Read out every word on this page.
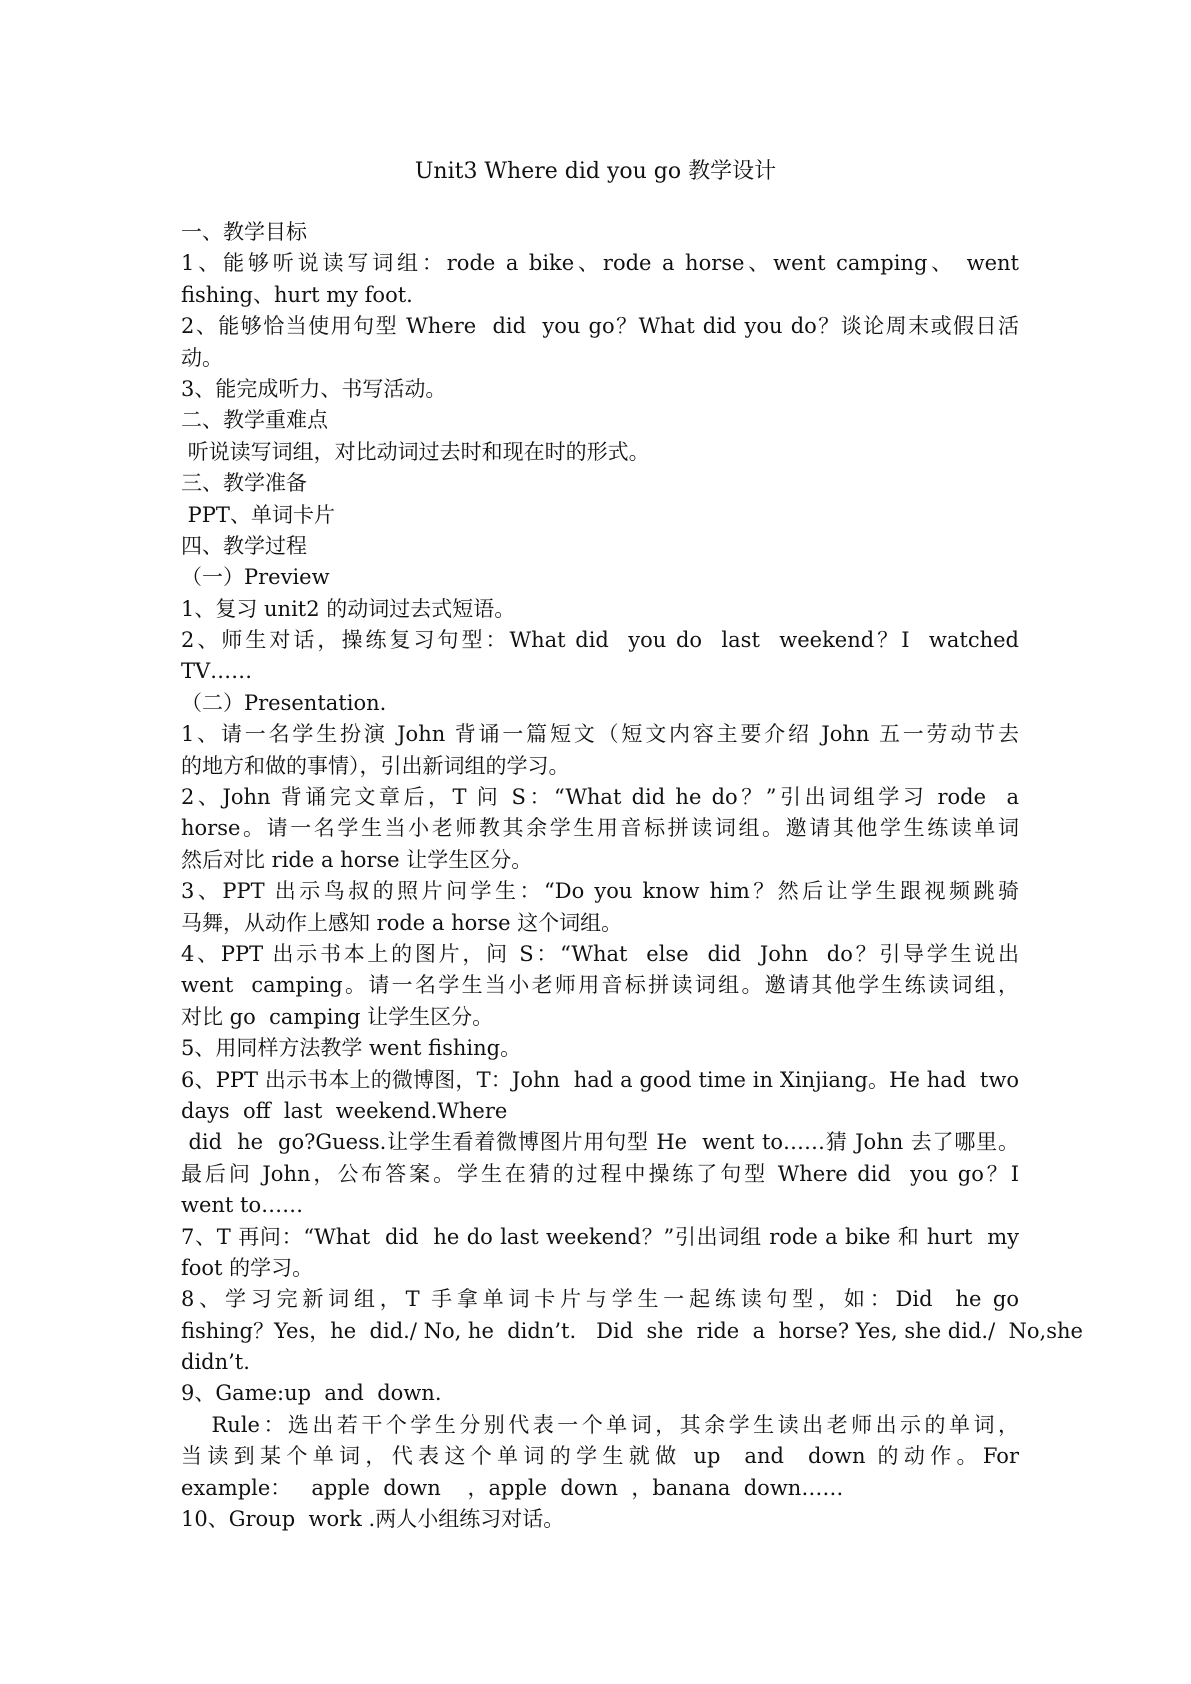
Unit3 Where did you go 教学设计

一、教学目标

1、能够听说读写词组：rode a bike、rode a horse、went camping、 went

fishing、hurt my foot.

2、能够恰当使用句型 Where  did  you go？What did you do？谈论周末或假日活

动。

3、能完成听力、书写活动。

二、教学重难点

听说读写词组，对比动词过去时和现在时的形式。

三、教学准备

PPT、单词卡片

四、教学过程

（一）Preview

1、复习 unit2 的动词过去式短语。

2、师生对话，操练复习句型：What did  you do  last  weekend？I  watched

TV……

（二）Presentation.

1、请一名学生扮演 John 背诵一篇短文（短文内容主要介绍 John 五一劳动节去

的地方和做的事情），引出新词组的学习。

2、John 背诵完文章后，T 问 S：“What did he do？”引出词组学习 rode  a

horse。请一名学生当小老师教其余学生用音标拼读词组。邀请其他学生练读单词

然后对比 ride a horse 让学生区分。

3、PPT 出示鸟叔的照片问学生：“Do you know him？然后让学生跟视频跳骑

马舞，从动作上感知 rode a horse 这个词组。

4、PPT 出示书本上的图片，问 S：“What  else  did  John  do？引导学生说出

went  camping。请一名学生当小老师用音标拼读词组。邀请其他学生练读词组，

对比 go  camping 让学生区分。

5、用同样方法教学 went fishing。

6、PPT 出示书本上的微博图，T：John  had a good time in Xinjiang。He had  two

days  off  last  weekend.Where

did  he  go?Guess.让学生看着微博图片用句型 He  went to……猜 John 去了哪里。

最后问 John，公布答案。学生在猜的过程中操练了句型 Where did  you go？I

went to……

7、T 再问：“What  did  he do last weekend？”引出词组 rode a bike 和 hurt  my

foot 的学习。

8、学习完新词组，T 手拿单词卡片与学生一起练读句型，如：Did  he go

fishing？Yes，he  did./ No, he  didn’t.   Did  she  ride  a  horse? Yes, she did./  No,she

didn’t.

9、Game:up  and  down.

Rule：选出若干个学生分别代表一个单词，其余学生读出老师出示的单词，

当读到某个单词，代表这个单词的学生就做 up  and  down 的动作。For

example：   apple  down    ，apple  down  ，banana  down……

10、Group  work .两人小组练习对话。
